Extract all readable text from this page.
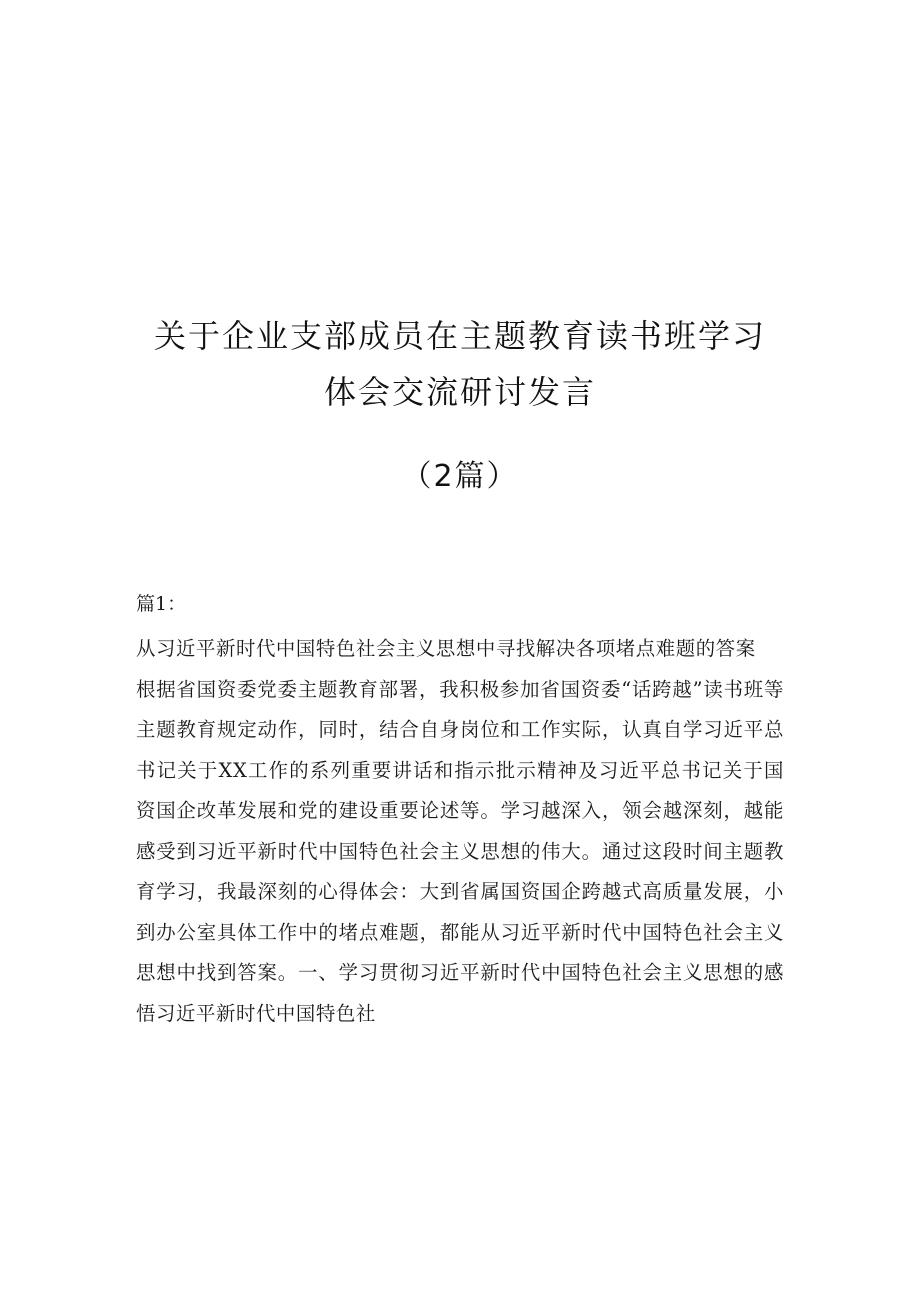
关于企业支部成员在主题教育读书班学习

体会交流研讨发言

（2篇）

篇1：

从习近平新时代中国特色社会主义思想中寻找解决各项堵点难题的答案

根据省国资委党委主题教育部署，我积极参加省国资委“话跨越”读书班等主题教育规定动作，同时，结合自身岗位和工作实际，认真自学习近平总书记关于XX工作的系列重要讲话和指示批示精神及习近平总书记关于国资国企改革发展和党的建设重要论述等。学习越深入，领会越深刻，越能感受到习近平新时代中国特色社会主义思想的伟大。通过这段时间主题教育学习，我最深刻的心得体会：大到省属国资国企跨越式高质量发展，小到办公室具体工作中的堵点难题，都能从习近平新时代中国特色社会主义思想中找到答案。一、学习贯彻习近平新时代中国特色社会主义思想的感悟习近平新时代中国特色社
